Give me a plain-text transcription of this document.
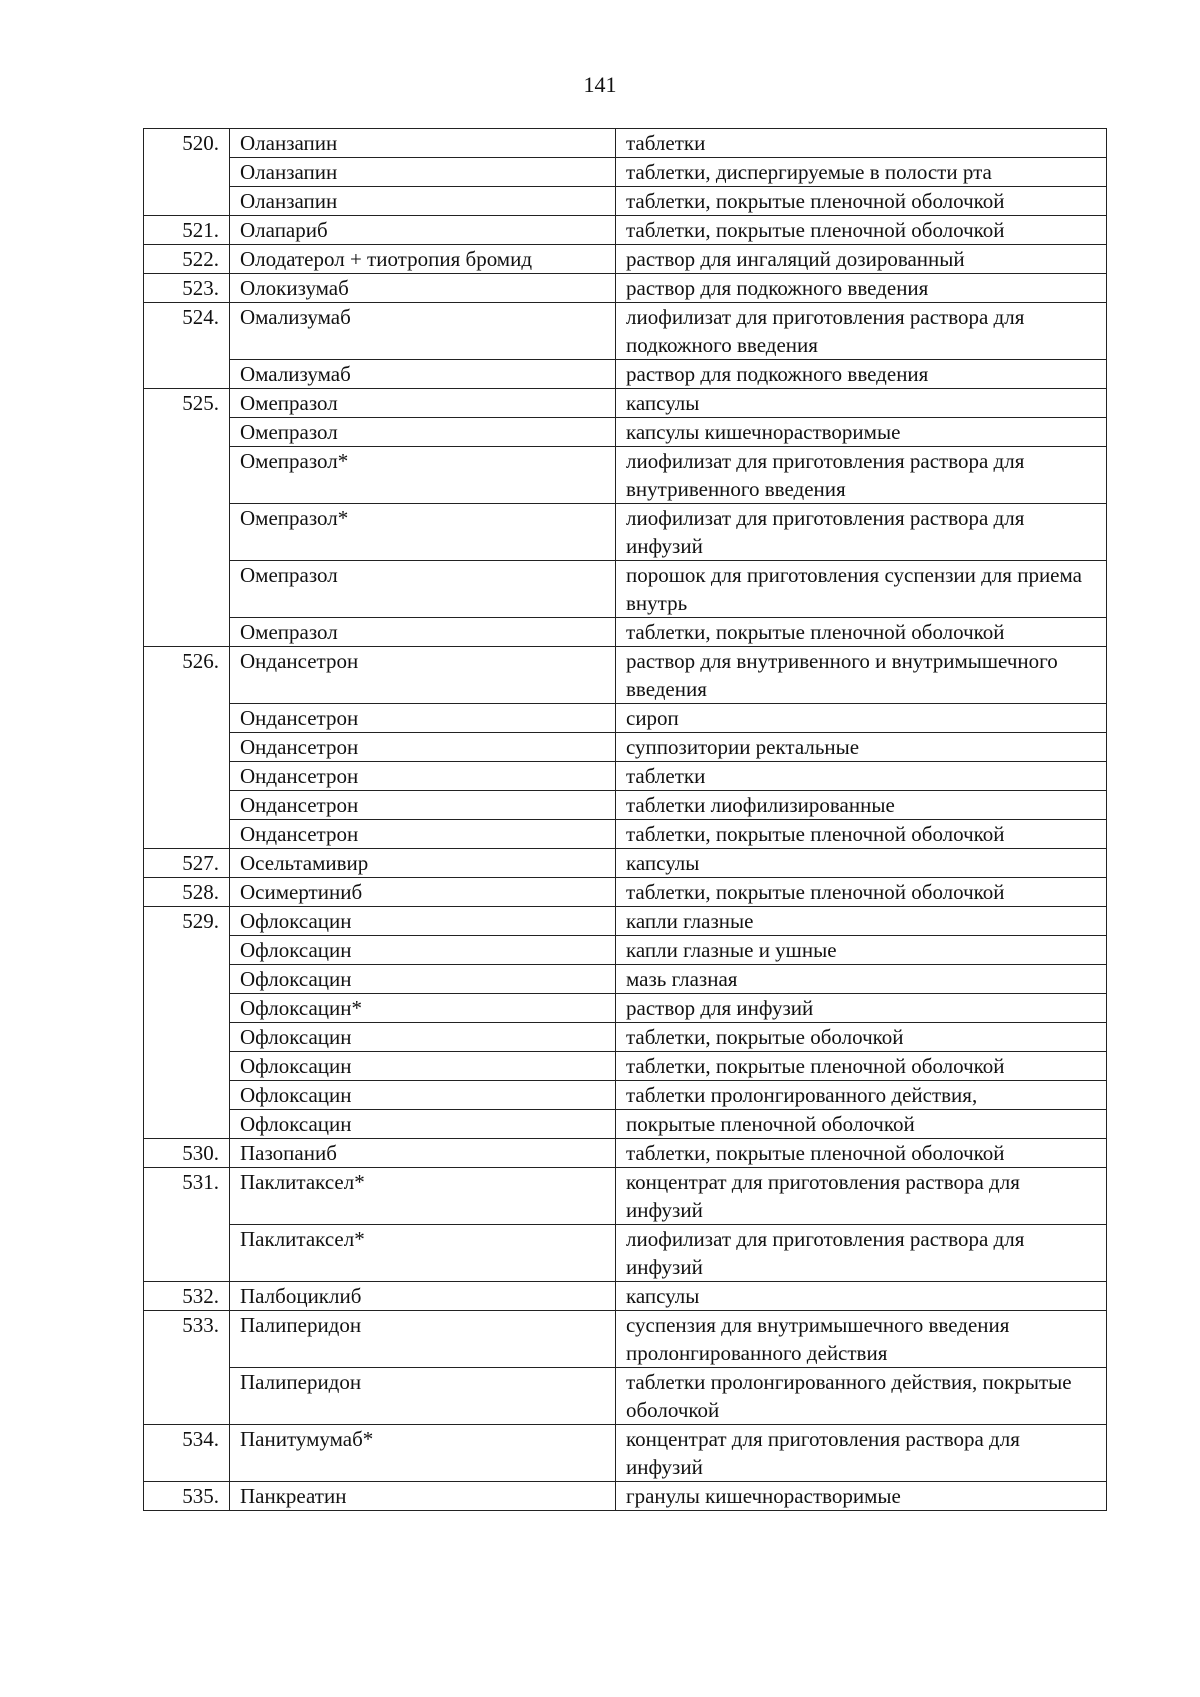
141
520.	Оланзапин	таблетки
	Оланзапин	таблетки, диспергируемые в полости рта
	Оланзапин	таблетки, покрытые пленочной оболочкой
521.	Олапариб	таблетки, покрытые пленочной оболочкой
522.	Олодатерол + тиотропия бромид	раствор для ингаляций дозированный
523.	Олокизумаб	раствор для подкожного введения
524.	Омализумаб	лиофилизат для приготовления раствора для подкожного введения
	Омализумаб	раствор для подкожного введения
525.	Омепразол	капсулы
	Омепразол	капсулы кишечнорастворимые
	Омепразол*	лиофилизат для приготовления раствора для внутривенного введения
	Омепразол*	лиофилизат для приготовления раствора для инфузий
	Омепразол	порошок для приготовления суспензии для приема внутрь
	Омепразол	таблетки, покрытые пленочной оболочкой
526.	Ондансетрон	раствор для внутривенного и внутримышечного введения
	Ондансетрон	сироп
	Ондансетрон	суппозитории ректальные
	Ондансетрон	таблетки
	Ондансетрон	таблетки лиофилизированные
	Ондансетрон	таблетки, покрытые пленочной оболочкой
527.	Осельтамивир	капсулы
528.	Осимертиниб	таблетки, покрытые пленочной оболочкой
529.	Офлоксацин	капли глазные
	Офлоксацин	капли глазные и ушные
	Офлоксацин	мазь глазная
	Офлоксацин*	раствор для инфузий
	Офлоксацин	таблетки, покрытые оболочкой
	Офлоксацин	таблетки, покрытые пленочной оболочкой
	Офлоксацин	таблетки пролонгированного действия,
	Офлоксацин	покрытые пленочной оболочкой
530.	Пазопаниб	таблетки, покрытые пленочной оболочкой
531.	Паклитаксел*	концентрат для приготовления раствора для инфузий
	Паклитаксел*	лиофилизат для приготовления раствора для инфузий
532.	Палбоциклиб	капсулы
533.	Палиперидон	суспензия для внутримышечного введения пролонгированного действия
	Палиперидон	таблетки пролонгированного действия, покрытые оболочкой
534.	Панитумумаб*	концентрат для приготовления раствора для инфузий
535.	Панкреатин	гранулы кишечнорастворимые
